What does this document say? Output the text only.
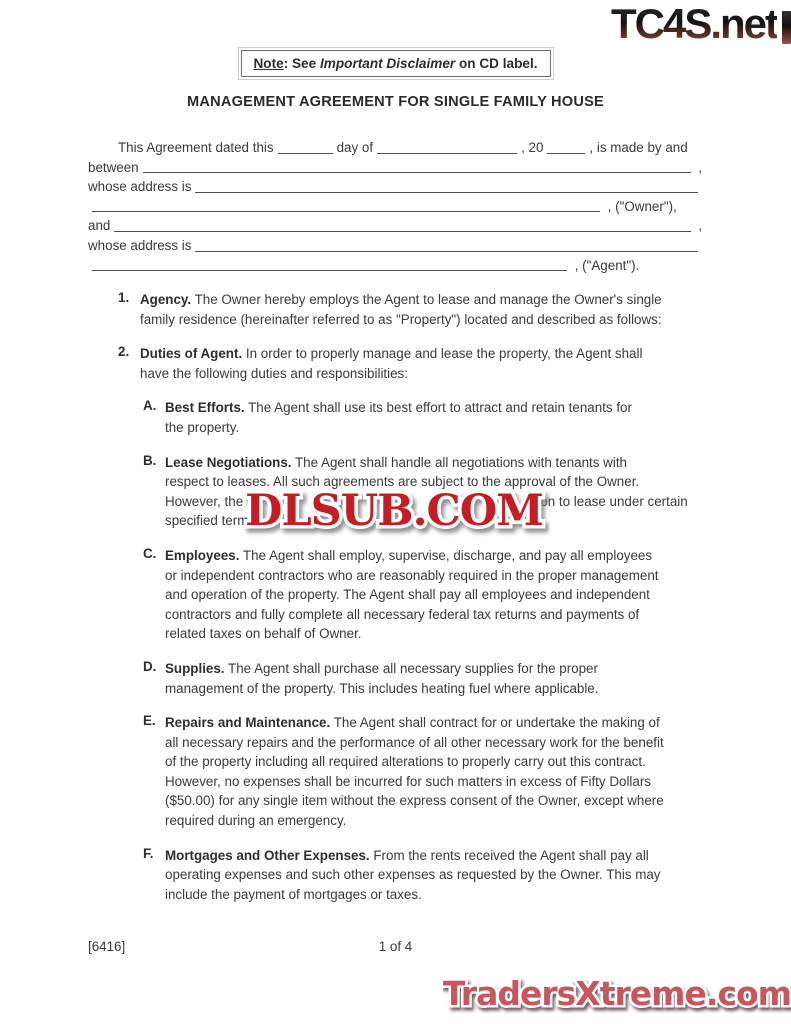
TC4S.net
Note: See Important Disclaimer on CD label.
MANAGEMENT AGREEMENT FOR SINGLE FAMILY HOUSE
This Agreement dated this	day of	, 20	, is made by and
between	,
whose address is
, ("Owner"),
and	,
whose address is
, ("Agent").
1. Agency. The Owner hereby employs the Agent to lease and manage the Owner's single
family residence (hereinafter referred to as "Property") located and described as follows:
2. Duties of Agent. In order to properly manage and lease the property, the Agent shall
have the following duties and responsibilities:
A. Best Efforts. The Agent shall use its best effort to attract and retain tenants for
the property.
B. Lease Negotiations. The Agent shall handle all negotiations with tenants with
respect to leases. All such agreements are subject to the approval of the Owner.
However, the O	on to lease under certain
specified terms
C. Employees. The Agent shall employ, supervise, discharge, and pay all employees
or independent contractors who are reasonably required in the proper management
and operation of the property. The Agent shall pay all employees and independent
contractors and fully complete all necessary federal tax returns and payments of
related taxes on behalf of Owner.
D. Supplies. The Agent shall purchase all necessary supplies for the proper
management of the property. This includes heating fuel where applicable.
E. Repairs and Maintenance. The Agent shall contract for or undertake the making of
all necessary repairs and the performance of all other necessary work for the benefit
of the property including all required alterations to properly carry out this contract.
However, no expenses shall be incurred for such matters in excess of Fifty Dollars
($50.00) for any single item without the express consent of the Owner, except where
required during an emergency.
F. Mortgages and Other Expenses. From the rents received the Agent shall pay all
operating expenses and such other expenses as requested by the Owner. This may
include the payment of mortgages or taxes.
DLSUB.COM
[6416]	1 of 4
TradersXtreme.com
